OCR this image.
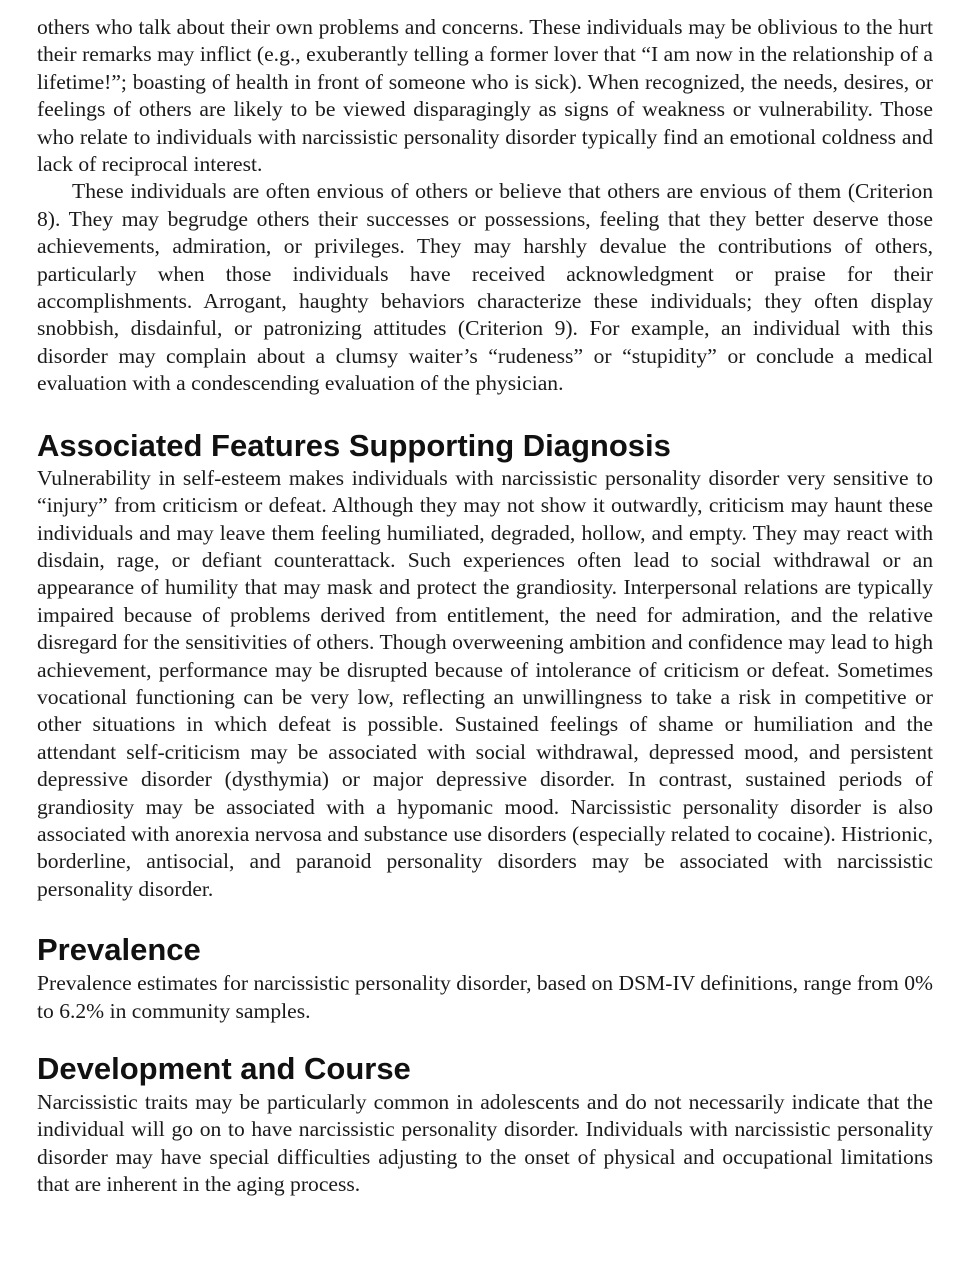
others who talk about their own problems and concerns. These individuals may be oblivious to the hurt their remarks may inflict (e.g., exuberantly telling a former lover that “I am now in the relationship of a lifetime!”; boasting of health in front of someone who is sick). When recognized, the needs, desires, or feelings of others are likely to be viewed disparagingly as signs of weakness or vulnerability. Those who relate to individuals with narcissistic personality disorder typically find an emotional coldness and lack of reciprocal interest.

These individuals are often envious of others or believe that others are envious of them (Criterion 8). They may begrudge others their successes or possessions, feeling that they better deserve those achievements, admiration, or privileges. They may harshly devalue the contributions of others, particularly when those individuals have received acknowledgment or praise for their accomplishments. Arrogant, haughty behaviors characterize these individuals; they often display snobbish, disdainful, or patronizing attitudes (Criterion 9). For example, an individual with this disorder may complain about a clumsy waiter’s “rudeness” or “stupidity” or conclude a medical evaluation with a condescending evaluation of the physician.

Associated Features Supporting Diagnosis

Vulnerability in self-esteem makes individuals with narcissistic personality disorder very sensitive to “injury” from criticism or defeat. Although they may not show it outwardly, criticism may haunt these individuals and may leave them feeling humiliated, degraded, hollow, and empty. They may react with disdain, rage, or defiant counterattack. Such experiences often lead to social withdrawal or an appearance of humility that may mask and protect the grandiosity. Interpersonal relations are typically impaired because of problems derived from entitlement, the need for admiration, and the relative disregard for the sensitivities of others. Though overweening ambition and confidence may lead to high achievement, performance may be disrupted because of intolerance of criticism or defeat. Sometimes vocational functioning can be very low, reflecting an unwillingness to take a risk in competitive or other situations in which defeat is possible. Sustained feelings of shame or humiliation and the attendant self-criticism may be associated with social withdrawal, depressed mood, and persistent depressive disorder (dysthymia) or major depressive disorder. In contrast, sustained periods of grandiosity may be associated with a hypomanic mood. Narcissistic personality disorder is also associated with anorexia nervosa and substance use disorders (especially related to cocaine). Histrionic, borderline, antisocial, and paranoid personality disorders may be associated with narcissistic personality disorder.

Prevalence

Prevalence estimates for narcissistic personality disorder, based on DSM-IV definitions, range from 0% to 6.2% in community samples.

Development and Course

Narcissistic traits may be particularly common in adolescents and do not necessarily indicate that the individual will go on to have narcissistic personality disorder. Individuals with narcissistic personality disorder may have special difficulties adjusting to the onset of physical and occupational limitations that are inherent in the aging process.
